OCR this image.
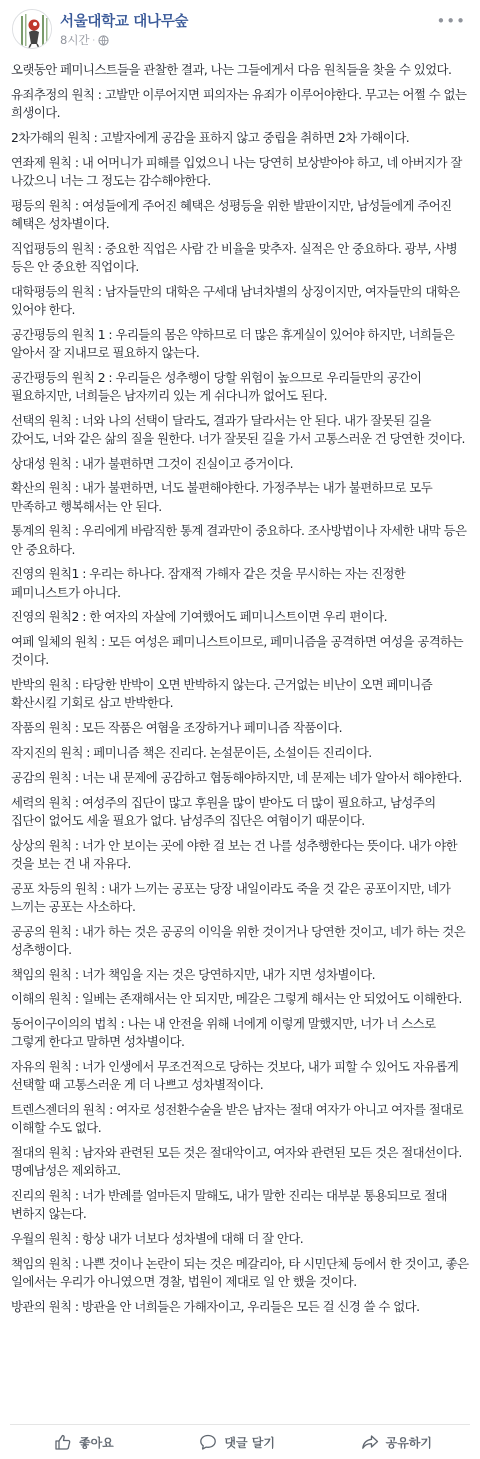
서울대학교 대나무숲
8시간 ·
•••
오랫동안 페미니스트들을 관찰한 결과, 나는 그들에게서 다음 원칙들을 찾을 수 있었다.
유죄추정의 원칙 : 고발만 이루어지면 피의자는 유죄가 이루어야한다. 무고는 어쩔 수 없는 희생이다.
2차가해의 원칙 : 고발자에게 공감을 표하지 않고 중립을 취하면 2차 가해이다.
연좌제 원칙 : 내 어머니가 피해를 입었으니 나는 당연히 보상받아야 하고, 네 아버지가 잘 나갔으니 너는 그 정도는 감수해야한다.
평등의 원칙 : 여성들에게 주어진 혜택은 성평등을 위한 발판이지만, 남성들에게 주어진 혜택은 성차별이다.
직업평등의 원칙 : 중요한 직업은 사람 간 비율을 맞추자. 실적은 안 중요하다. 광부, 사병 등은 안 중요한 직업이다.
대학평등의 원칙 : 남자들만의 대학은 구세대 남녀차별의 상징이지만, 여자들만의 대학은 있어야 한다.
공간평등의 원칙 1 : 우리들의 몸은 약하므로 더 많은 휴게실이 있어야 하지만, 너희들은 알아서 잘 지내므로 필요하지 않는다.
공간평등의 원칙 2 : 우리들은 성추행이 당할 위험이 높으므로 우리들만의 공간이 필요하지만, 너희들은 남자끼리 있는 게 쉬다니까 없어도 된다.
선택의 원칙 : 너와 나의 선택이 달라도, 결과가 달라서는 안 된다. 내가 잘못된 길을 갔어도, 너와 같은 삶의 질을 원한다. 너가 잘못된 길을 가서 고통스러운 건 당연한 것이다.
상대성 원칙 : 내가 불편하면 그것이 진실이고 증거이다.
확산의 원칙 : 내가 불편하면, 너도 불편해야한다. 가정주부는 내가 불편하므로 모두 만족하고 행복해서는 안 된다.
통계의 원칙 : 우리에게 바람직한 통계 결과만이 중요하다. 조사방법이나 자세한 내막 등은 안 중요하다.
진영의 원칙1 : 우리는 하나다. 잠재적 가해자 같은 것을 무시하는 자는 진정한 페미니스트가 아니다.
진영의 원칙2 : 한 여자의 자살에 기여했어도 페미니스트이면 우리 편이다.
여페 일체의 원칙 : 모든 여성은 페미니스트이므로, 페미니즘을 공격하면 여성을 공격하는 것이다.
반박의 원칙 : 타당한 반박이 오면 반박하지 않는다. 근거없는 비난이 오면 페미니즘 확산시킬 기회로 삼고 반박한다.
작품의 원칙 : 모든 작품은 여혐을 조장하거나 페미니즘 작품이다.
작지진의 원칙 : 페미니즘 책은 진리다. 논설문이든, 소설이든 진리이다.
공감의 원칙 : 너는 내 문제에 공감하고 협동해야하지만, 네 문제는 네가 알아서 해야한다.
세력의 원칙 : 여성주의 집단이 많고 후원을 많이 받아도 더 많이 필요하고, 남성주의 집단이 없어도 세울 필요가 없다. 남성주의 집단은 여혐이기 때문이다.
상상의 원칙 : 너가 안 보이는 곳에 야한 걸 보는 건 나를 성추행한다는 뜻이다. 내가 야한 것을 보는 건 내 자유다.
공포 차등의 원칙 : 내가 느끼는 공포는 당장 내일이라도 죽을 것 같은 공포이지만, 네가 느끼는 공포는 사소하다.
공공의 원칙 : 내가 하는 것은 공공의 이익을 위한 것이거나 당연한 것이고, 네가 하는 것은 성추행이다.
책임의 원칙 : 너가 책임을 지는 것은 당연하지만, 내가 지면 성차별이다.
이해의 원칙 : 일베는 존재해서는 안 되지만, 메갈은 그렇게 해서는 안 되었어도 이해한다.
동어이구이의의 법칙 : 나는 내 안전을 위해 너에게 이렇게 말했지만, 너가 너 스스로 그렇게 한다고 말하면 성차별이다.
자유의 원칙 : 너가 인생에서 무조건적으로 당하는 것보다, 내가 피할 수 있어도 자유롭게 선택할 때 고통스러운 게 더 나쁘고 성차별적이다.
트렌스젠더의 원칙 : 여자로 성전환수술을 받은 남자는 절대 여자가 아니고 여자를 절대로 이해할 수도 없다.
절대의 원칙 : 남자와 관련된 모든 것은 절대악이고, 여자와 관련된 모든 것은 절대선이다. 명예남성은 제외하고.
진리의 원칙 : 너가 반례를 얼마든지 말해도, 내가 말한 진리는 대부분 통용되므로 절대 변하지 않는다.
우월의 원칙 : 항상 내가 너보다 성차별에 대해 더 잘 안다.
책임의 원칙 : 나쁜 것이나 논란이 되는 것은 메갈리아, 타 시민단체 등에서 한 것이고, 좋은 일에서는 우리가 아니였으면 경찰, 법원이 제대로 일 안 했을 것이다.
방관의 원칙 : 방관을 안 너희들은 가해자이고, 우리들은 모든 걸 신경 쓸 수 없다.
좋아요	댓글 달기	공유하기
